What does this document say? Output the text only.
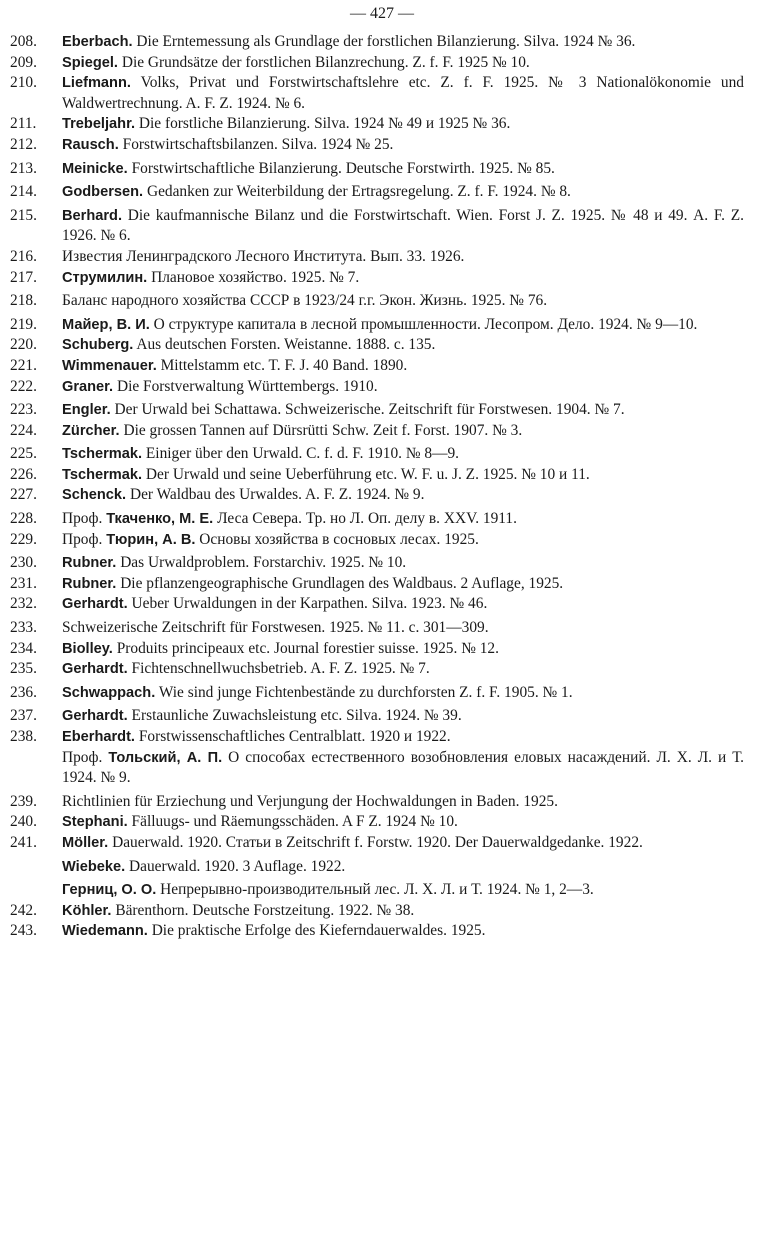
— 427 —
208.	Eberbach. Die Erntemessung als Grundlage der forstlichen Bilanzierung. Silva. 1924 № 36.
209.	Spiegel. Die Grundsätze der forstlichen Bilanzrechung. Z. f. F. 1925 № 10.
210.	Liefmann. Volks, Privat und Forstwirtschaftslehre etc. Z. f. F. 1925. № 3 Nationalökonomie und Waldwertrechnung. A. F. Z. 1924. № 6.
211.	Trebeljahr. Die forstliche Bilanzierung. Silva. 1924 № 49 и 1925 № 36.
212.	Rausch. Forstwirtschaftsbilanzen. Silva. 1924 № 25.
213.	Meinicke. Forstwirtschaftliche Bilanzierung. Deutsche Forstwirth. 1925. № 85.
214.	Godbersen. Gedanken zur Weiterbildung der Ertragsregelung. Z. f. F. 1924. № 8.
215.	Berhard. Die kaufmannische Bilanz und die Forstwirtschaft. Wien. Forst J. Z. 1925. № 48 и 49. A. F. Z. 1926. № 6.
216.	Известия Ленинградского Лесного Института. Вып. 33. 1926.
217.	Струмилин. Плановое хозяйство. 1925. № 7.
218.	Баланс народного хозяйства СССР в 1923/24 г.г. Экон. Жизнь. 1925. № 76.
219.	Майер, В. И. О структуре капитала в лесной промышленности. Лесопром. Дело. 1924. № 9—10.
220.	Schuberg. Aus deutschen Forsten. Weistanne. 1888. c. 135.
221.	Wimmenauer. Mittelstamm etc. T. F. J. 40 Band. 1890.
222.	Graner. Die Forstverwaltung Württembergs. 1910.
223.	Engler. Der Urwald bei Schattawa. Schweizerische. Zeitschrift für Forstwesen. 1904. № 7.
224.	Zürcher. Die grossen Tannen auf Dürsrütti Schw. Zeit f. Forst. 1907. № 3.
225.	Tschermak. Einiger über den Urwald. C. f. d. F. 1910. № 8—9.
226.	Tschermak. Der Urwald und seine Ueberführung etc. W. F. u. J. Z. 1925. № 10 и 11.
227.	Schenck. Der Waldbau des Urwaldes. A. F. Z. 1924. № 9.
228.	Проф. Ткаченко, М. Е. Леса Севера. Тр. но Л. Оп. делу в. XXV. 1911.
229.	Проф. Тюрин, А. В. Основы хозяйства в сосновых лесах. 1925.
230.	Rubner. Das Urwaldproblem. Forstarchiv. 1925. № 10.
231.	Rubner. Die pflanzengeographische Grundlagen des Waldbaus. 2 Auflage, 1925.
232.	Gerhardt. Ueber Urwaldungen in der Karpathen. Silva. 1923. № 46.
233.	Schweizerische Zeitschrift für Forstwesen. 1925. № 11. c. 301—309.
234.	Biolley. Produits principeaux etc. Journal forestier suisse. 1925. № 12.
235.	Gerhardt. Fichtenschnellwuchsbetrieb. A. F. Z. 1925. № 7.
236.	Schwappach. Wie sind junge Fichtenbestände zu durchforsten Z. f. F. 1905. № 1.
237.	Gerhardt. Erstaunliche Zuwachsleistung etc. Silva. 1924. № 39.
238.	Eberhardt. Forstwissenschaftliches Centralblatt. 1920 и 1922.
Проф. Тольский, А. П. О способах естественного возобновления еловых насаждений. Л. Х. Л. и Т. 1924. № 9.
239.	Richtlinien für Erziechung und Verjungung der Hochwaldungen in Baden. 1925.
240.	Stephani. Fälluugs- und Räemungsschäden. A F Z. 1924 № 10.
241.	Möller. Dauerwald. 1920. Статьи в Zeitschrift f. Forstw. 1920. Der Dauerwaldgedanke. 1922.
Wiebeke. Dauerwald. 1920. 3 Auflage. 1922.
Герниц, О. О. Непрерывно-производительный лес. Л. Х. Л. и Т. 1924. № 1, 2—3.
242.	Köhler. Bärenthorn. Deutsche Forstzeitung. 1922. № 38.
243.	Wiedemann. Die praktische Erfolge des Kieferndauerwaldes. 1925.
